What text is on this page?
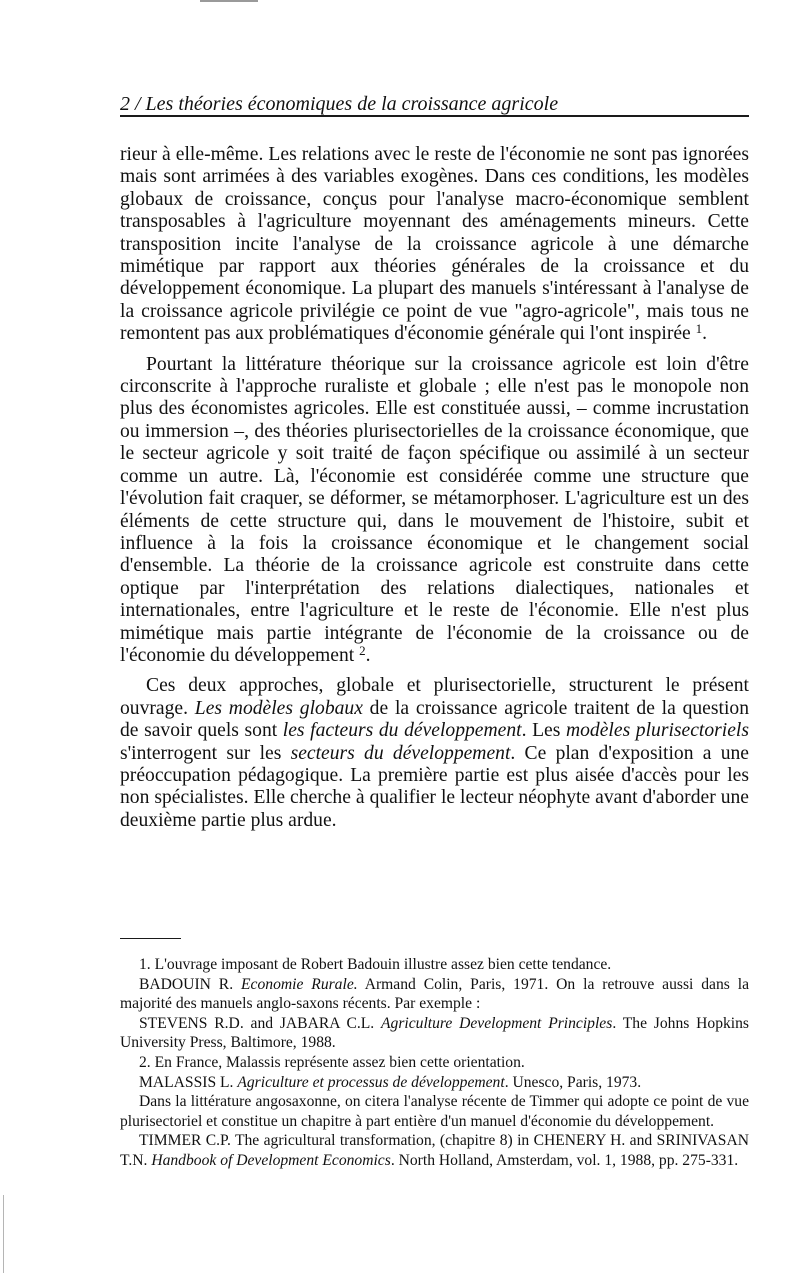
2 / Les théories économiques de la croissance agricole

rieur à elle-même. Les relations avec le reste de l'économie ne sont pas ignorées mais sont arrimées à des variables exogènes. Dans ces conditions, les modèles globaux de croissance, conçus pour l'analyse macro-économique semblent transposables à l'agriculture moyennant des aménagements mineurs. Cette transposition incite l'analyse de la croissance agricole à une démarche mimétique par rapport aux théories générales de la croissance et du développement économique. La plupart des manuels s'intéressant à l'analyse de la croissance agricole privilégie ce point de vue "agro-agricole", mais tous ne remontent pas aux problématiques d'économie générale qui l'ont inspirée $^1$.

Pourtant la littérature théorique sur la croissance agricole est loin d'être circonscrite à l'approche ruraliste et globale ; elle n'est pas le monopole non plus des économistes agricoles. Elle est constituée aussi, – comme incrustation ou immersion –, des théories plurisectorielles de la croissance économique, que le secteur agricole y soit traité de façon spécifique ou assimilé à un secteur comme un autre. Là, l'économie est considérée comme une structure que l'évolution fait craquer, se déformer, se métamorphoser. L'agriculture est un des éléments de cette structure qui, dans le mouvement de l'histoire, subit et influence à la fois la croissance économique et le changement social d'ensemble. La théorie de la croissance agricole est construite dans cette optique par l'interprétation des relations dialectiques, nationales et internationales, entre l'agriculture et le reste de l'économie. Elle n'est plus mimétique mais partie intégrante de l'économie de la croissance ou de l'économie du développement $^2$.

Ces deux approches, globale et plurisectorielle, structurent le présent ouvrage. Les modèles globaux de la croissance agricole traitent de la question de savoir quels sont les facteurs du développement. Les modèles plurisectoriels s'interrogent sur les secteurs du développement. Ce plan d'exposition a une préoccupation pédagogique. La première partie est plus aisée d'accès pour les non spécialistes. Elle cherche à qualifier le lecteur néophyte avant d'aborder une deuxième partie plus ardue.

1. L'ouvrage imposant de Robert Badouin illustre assez bien cette tendance.

BADOUIN R. Economie Rurale. Armand Colin, Paris, 1971. On la retrouve aussi dans la majorité des manuels anglo-saxons récents. Par exemple :

STEVENS R.D. and JABARA C.L. Agriculture Development Principles. The Johns Hopkins University Press, Baltimore, 1988.

2. En France, Malassis représente assez bien cette orientation.

MALASSIS L. Agriculture et processus de développement. Unesco, Paris, 1973.

Dans la littérature angosaxonne, on citera l'analyse récente de Timmer qui adopte ce point de vue plurisectoriel et constitue un chapitre à part entière d'un manuel d'économie du développement.

TIMMER C.P. The agricultural transformation, (chapitre 8) in CHENERY H. and SRINIVASAN T.N. Handbook of Development Economics. North Holland, Amsterdam, vol. 1, 1988, pp. 275-331.
